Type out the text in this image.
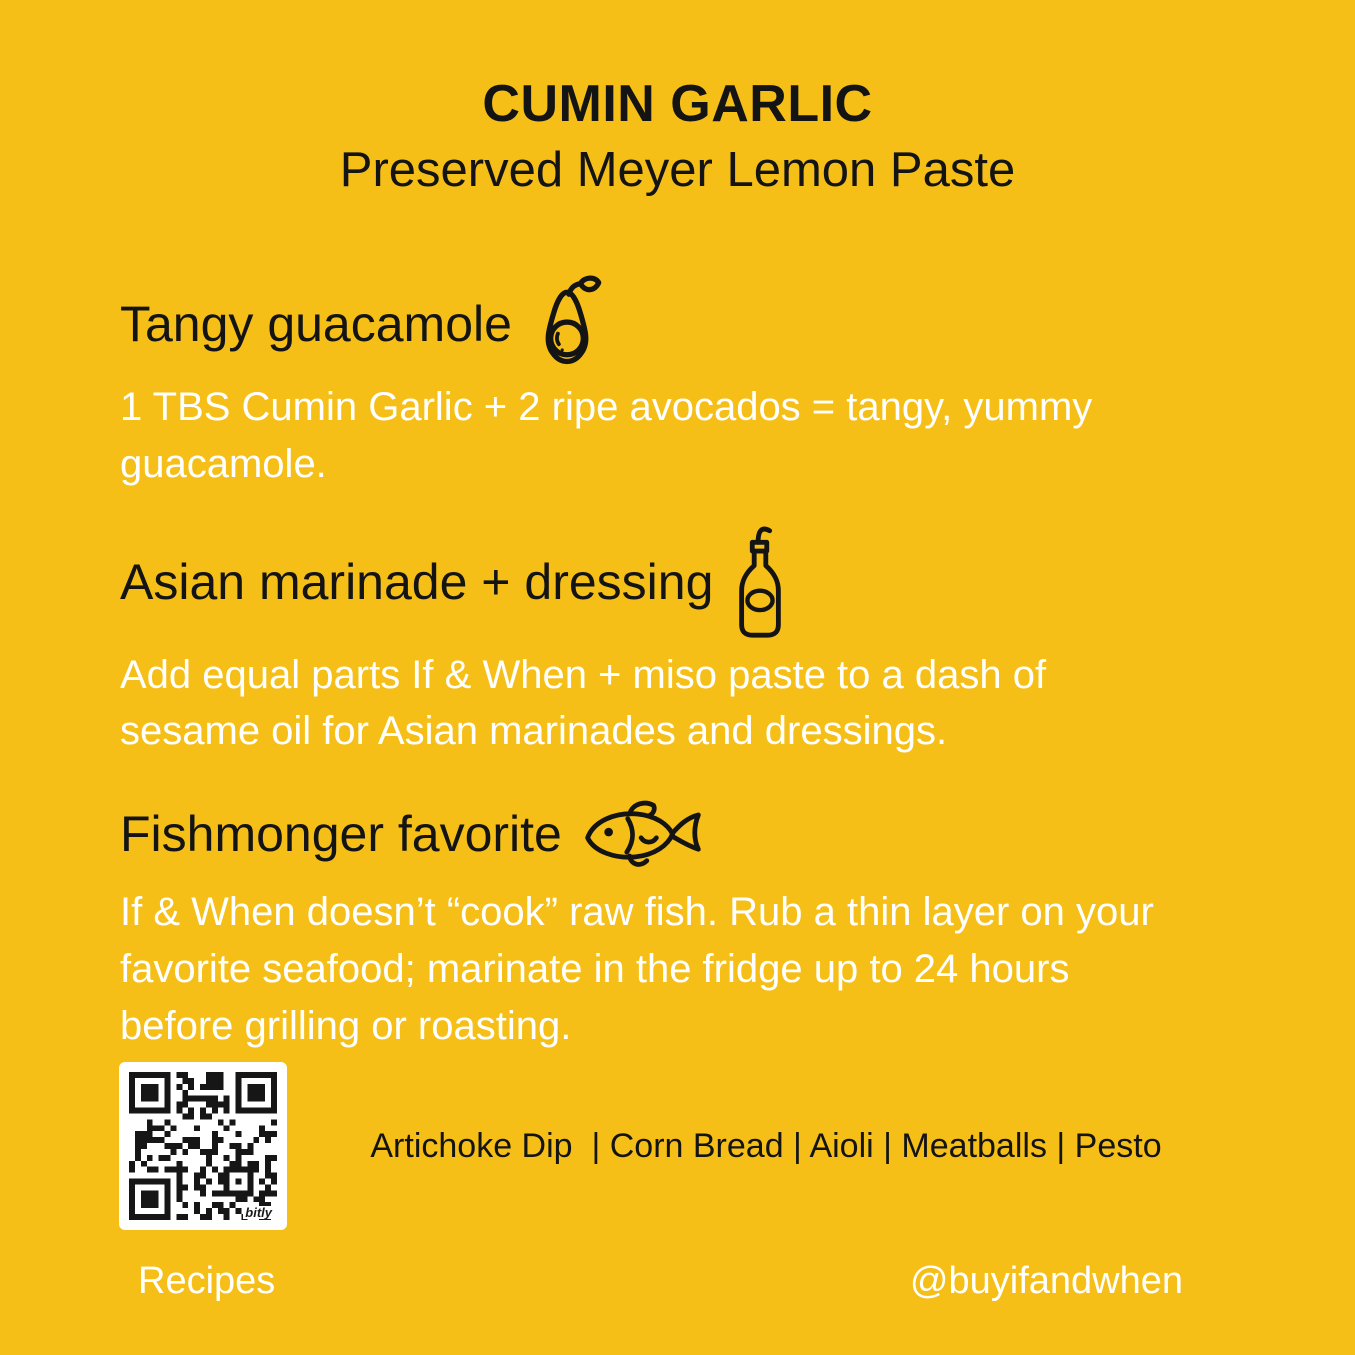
CUMIN GARLIC
Preserved Meyer Lemon Paste
Tangy guacamole

1 TBS Cumin Garlic + 2 ripe avocados = tangy, yummy guacamole.

Asian marinade + dressing

Add equal parts If & When + miso paste to a dash of sesame oil for Asian marinades and dressings.

Fishmonger favorite

If & When doesn’t “cook” raw fish. Rub a thin layer on your favorite seafood; marinate in the fridge up to 24 hours before grilling or roasting.

bitly
Artichoke Dip  | Corn Bread | Aioli | Meatballs | Pesto
Recipes	@buyifandwhen
